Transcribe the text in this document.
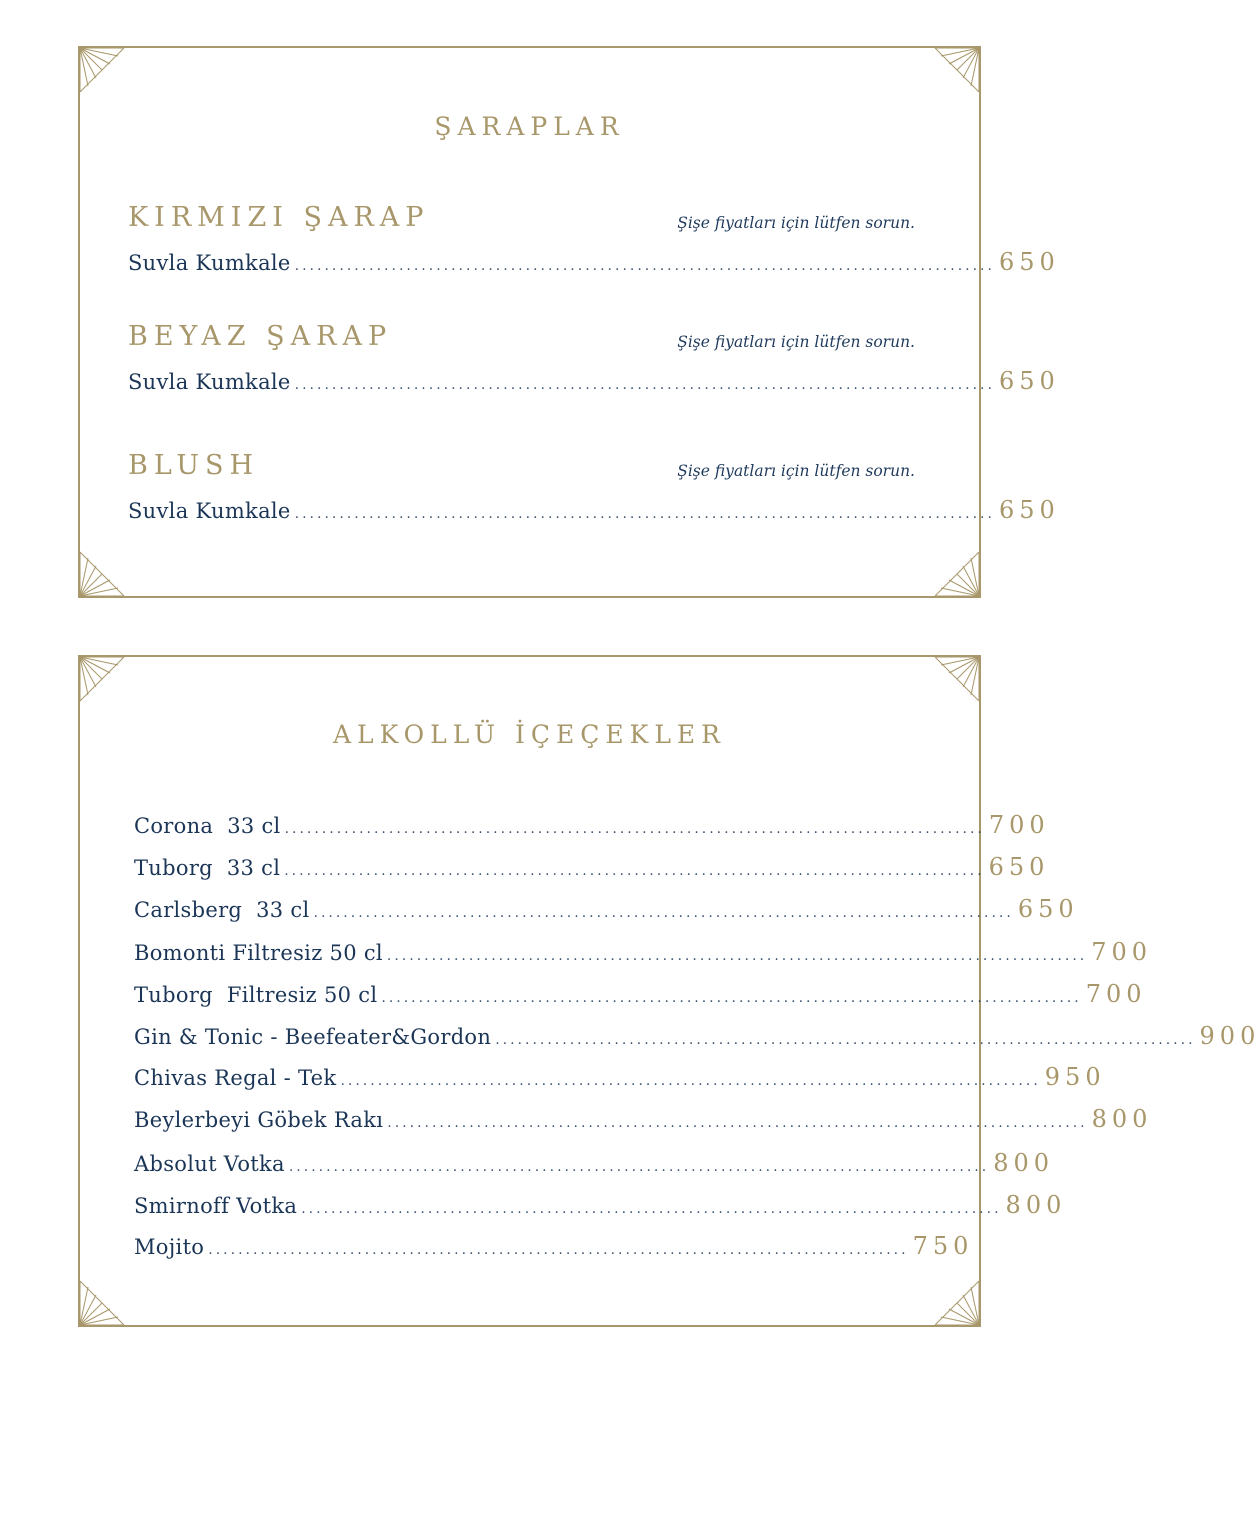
ŞARAPLAR
KIRMIZI ŞARAP	Şişe fiyatları için lütfen sorun.
Suvla Kumkale .............................................................................................. 650
BEYAZ ŞARAP	Şişe fiyatları için lütfen sorun.
Suvla Kumkale .............................................................................................. 650
BLUSH	Şişe fiyatları için lütfen sorun.
Suvla Kumkale .............................................................................................. 650
ALKOLLÜ İÇEÇEKLER
Corona  33 cl .............................................................................................. 700
Tuborg  33 cl .............................................................................................. 650
Carlsberg  33 cl .............................................................................................. 650
Bomonti Filtresiz 50 cl .............................................................................................. 700
Tuborg  Filtresiz 50 cl .............................................................................................. 700
Gin & Tonic - Beefeater&Gordon .............................................................................................. 900
Chivas Regal - Tek .............................................................................................. 950
Beylerbeyi Göbek Rakı .............................................................................................. 800
Absolut Votka .............................................................................................. 800
Smirnoff Votka .............................................................................................. 800
Mojito .............................................................................................. 750
